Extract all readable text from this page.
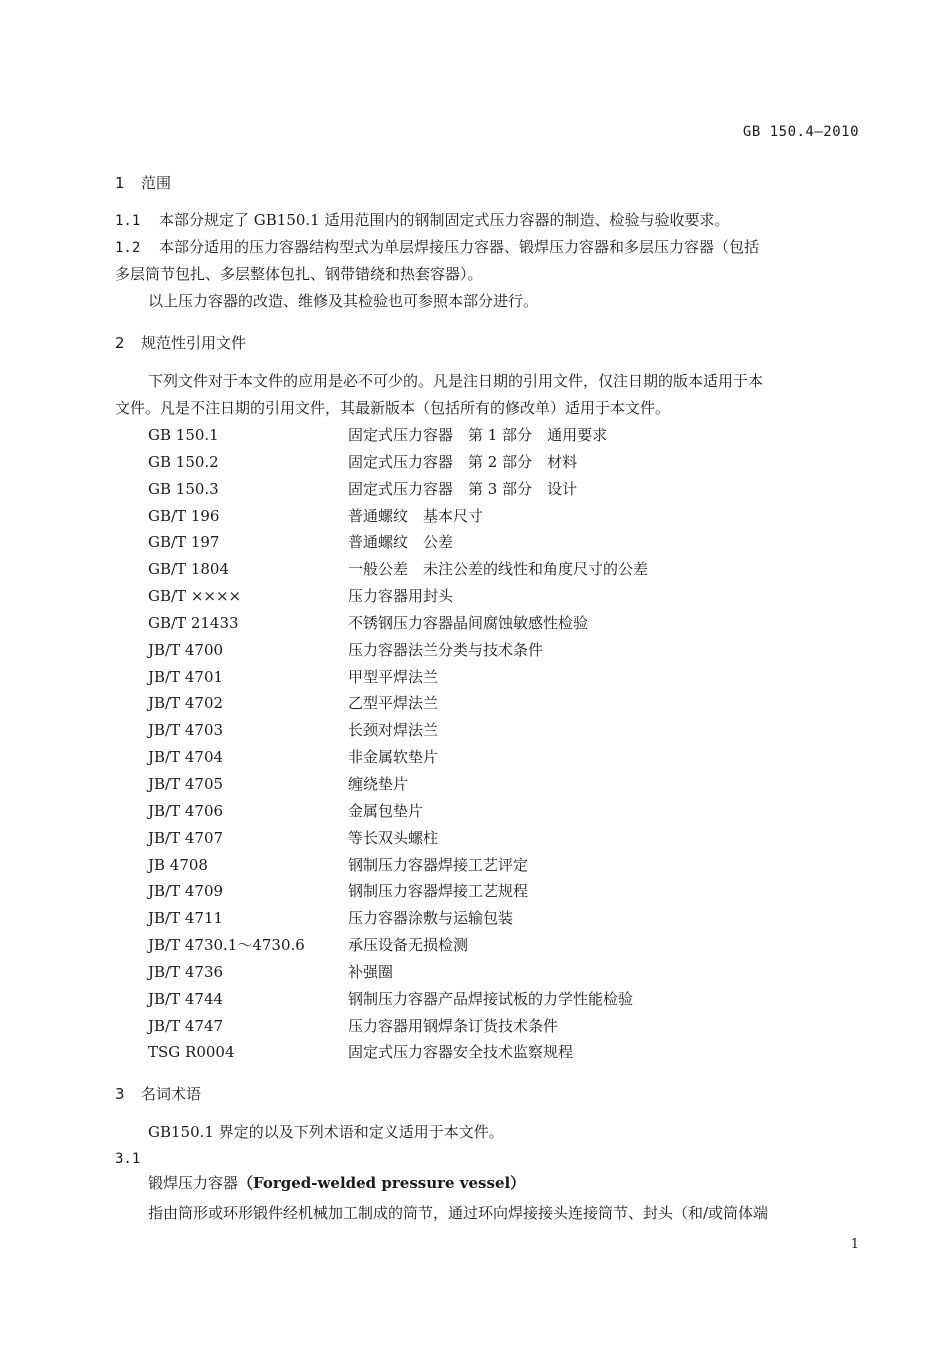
GB 150.4—2010
1 范围
1.1 本部分规定了 GB150.1 适用范围内的钢制固定式压力容器的制造、检验与验收要求。
1.2 本部分适用的压力容器结构型式为单层焊接压力容器、锻焊压力容器和多层压力容器（包括
多层筒节包扎、多层整体包扎、钢带错绕和热套容器）。
以上压力容器的改造、维修及其检验也可参照本部分进行。
2 规范性引用文件
下列文件对于本文件的应用是必不可少的。凡是注日期的引用文件，仅注日期的版本适用于本
文件。凡是不注日期的引用文件，其最新版本（包括所有的修改单）适用于本文件。
GB 150.1	固定式压力容器　第 1 部分　通用要求
GB 150.2	固定式压力容器　第 2 部分　材料
GB 150.3	固定式压力容器　第 3 部分　设计
GB/T 196	普通螺纹　基本尺寸
GB/T 197	普通螺纹　公差
GB/T 1804	一般公差　未注公差的线性和角度尺寸的公差
GB/T ××××	压力容器用封头
GB/T 21433	不锈钢压力容器晶间腐蚀敏感性检验
JB/T 4700	压力容器法兰分类与技术条件
JB/T 4701	甲型平焊法兰
JB/T 4702	乙型平焊法兰
JB/T 4703	长颈对焊法兰
JB/T 4704	非金属软垫片
JB/T 4705	缠绕垫片
JB/T 4706	金属包垫片
JB/T 4707	等长双头螺柱
JB 4708	钢制压力容器焊接工艺评定
JB/T 4709	钢制压力容器焊接工艺规程
JB/T 4711	压力容器涂敷与运输包装
JB/T 4730.1～4730.6	承压设备无损检测
JB/T 4736	补强圈
JB/T 4744	钢制压力容器产品焊接试板的力学性能检验
JB/T 4747	压力容器用钢焊条订货技术条件
TSG R0004	固定式压力容器安全技术监察规程
3 名词术语
GB150.1 界定的以及下列术语和定义适用于本文件。
3.1
锻焊压力容器（Forged-welded pressure vessel）
指由筒形或环形锻件经机械加工制成的筒节，通过环向焊接接头连接筒节、封头（和/或筒体端
1
